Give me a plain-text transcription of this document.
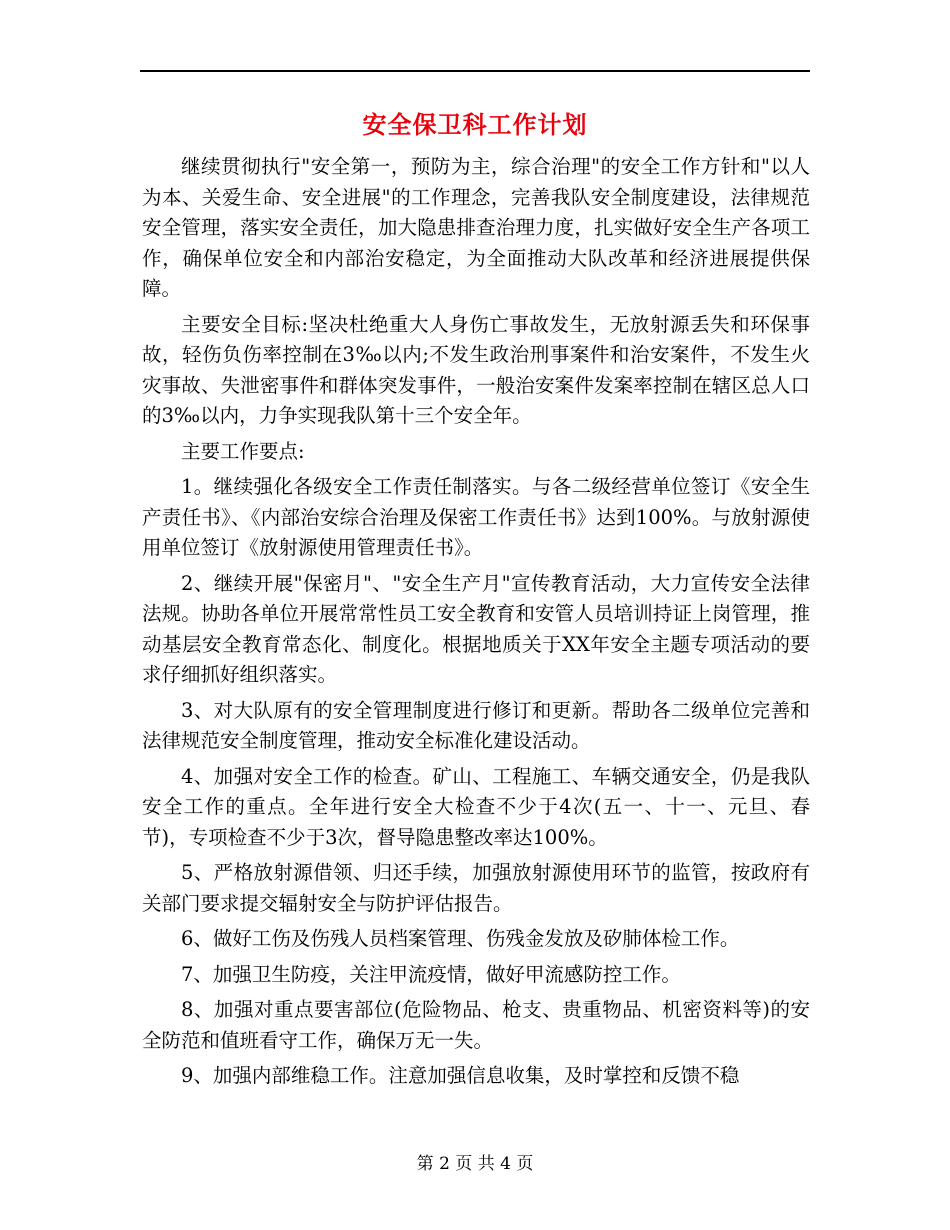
安全保卫科工作计划

继续贯彻执行"安全第一，预防为主，综合治理"的安全工作方针和"以人为本、关爱生命、安全进展"的工作理念，完善我队安全制度建设，法律规范安全管理，落实安全责任，加大隐患排查治理力度，扎实做好安全生产各项工作，确保单位安全和内部治安稳定，为全面推动大队改革和经济进展提供保障。

主要安全目标:坚决杜绝重大人身伤亡事故发生，无放射源丢失和环保事故，轻伤负伤率控制在3‰以内;不发生政治刑事案件和治安案件，不发生火灾事故、失泄密事件和群体突发事件，一般治安案件发案率控制在辖区总人口的3‰以内，力争实现我队第十三个安全年。

主要工作要点:

1。继续强化各级安全工作责任制落实。与各二级经营单位签订《安全生产责任书》、《内部治安综合治理及保密工作责任书》达到100%。与放射源使用单位签订《放射源使用管理责任书》。

2、继续开展"保密月"、"安全生产月"宣传教育活动，大力宣传安全法律法规。协助各单位开展常常性员工安全教育和安管人员培训持证上岗管理，推动基层安全教育常态化、制度化。根据地质关于XX年安全主题专项活动的要求仔细抓好组织落实。

3、对大队原有的安全管理制度进行修订和更新。帮助各二级单位完善和法律规范安全制度管理，推动安全标准化建设活动。

4、加强对安全工作的检查。矿山、工程施工、车辆交通安全，仍是我队安全工作的重点。全年进行安全大检查不少于4次(五一、十一、元旦、春节)，专项检查不少于3次，督导隐患整改率达100%。

5、严格放射源借领、归还手续，加强放射源使用环节的监管，按政府有关部门要求提交辐射安全与防护评估报告。

6、做好工伤及伤残人员档案管理、伤残金发放及矽肺体检工作。

7、加强卫生防疫，关注甲流疫情，做好甲流感防控工作。

8、加强对重点要害部位(危险物品、枪支、贵重物品、机密资料等)的安全防范和值班看守工作，确保万无一失。

9、加强内部维稳工作。注意加强信息收集，及时掌控和反馈不稳

第 2 页 共 4 页
